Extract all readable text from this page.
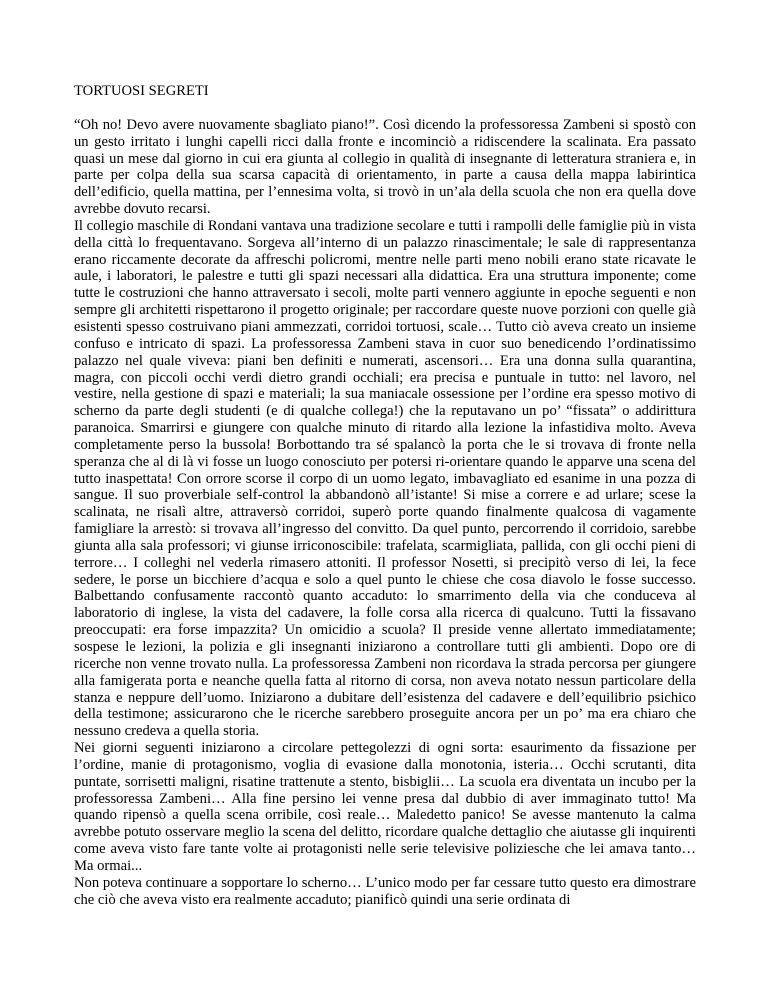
TORTUOSI SEGRETI

“Oh no! Devo avere nuovamente sbagliato piano!”. Così dicendo la professoressa Zambeni si spostò con un gesto irritato i lunghi capelli ricci dalla fronte e incominciò a ridiscendere la scalinata. Era passato quasi un mese dal giorno in cui era giunta al collegio in qualità di insegnante di letteratura straniera e, in parte per colpa della sua scarsa capacità di orientamento, in parte a causa della mappa labirintica dell’edificio, quella mattina, per l’ennesima volta, si trovò in un’ala della scuola che non era quella dove avrebbe dovuto recarsi.

Il collegio maschile di Rondani vantava una tradizione secolare e tutti i rampolli delle famiglie più in vista della città lo frequentavano. Sorgeva all’interno di un palazzo rinascimentale; le sale di rappresentanza erano riccamente decorate da affreschi policromi, mentre nelle parti meno nobili erano state ricavate le aule, i laboratori, le palestre e tutti gli spazi necessari alla didattica. Era una struttura imponente; come tutte le costruzioni che hanno attraversato i secoli, molte parti vennero aggiunte in epoche seguenti e non sempre gli architetti rispettarono il progetto originale; per raccordare queste nuove porzioni con quelle già esistenti spesso costruivano piani ammezzati, corridoi tortuosi, scale… Tutto ciò aveva creato un insieme confuso e intricato di spazi. La professoressa Zambeni stava in cuor suo benedicendo l’ordinatissimo palazzo nel quale viveva: piani ben definiti e numerati, ascensori… Era una donna sulla quarantina, magra, con piccoli occhi verdi dietro grandi occhiali; era precisa e puntuale in tutto: nel lavoro, nel vestire, nella gestione di spazi e materiali; la sua maniacale ossessione per l’ordine era spesso motivo di scherno da parte degli studenti (e di qualche collega!) che la reputavano un po’ “fissata” o addirittura paranoica. Smarrirsi e giungere con qualche minuto di ritardo alla lezione la infastidiva molto. Aveva completamente perso la bussola! Borbottando tra sé spalancò la porta che le si trovava di fronte nella speranza che al di là vi fosse un luogo conosciuto per potersi ri-orientare quando le apparve una scena del tutto inaspettata! Con orrore scorse il corpo di un uomo legato, imbavagliato ed esanime in una pozza di sangue. Il suo proverbiale self-control la abbandonò all’istante! Si mise a correre e ad urlare; scese la scalinata, ne risalì altre, attraversò corridoi, superò porte quando finalmente qualcosa di vagamente famigliare la arrestò: si trovava all’ingresso del convitto. Da quel punto, percorrendo il corridoio, sarebbe giunta alla sala professori; vi giunse irriconoscibile: trafelata, scarmigliata, pallida, con gli occhi pieni di terrore… I colleghi nel vederla rimasero attoniti. Il professor Nosetti, si precipitò verso di lei, la fece sedere, le porse un bicchiere d’acqua e solo a quel punto le chiese che cosa diavolo le fosse successo. Balbettando confusamente raccontò quanto accaduto: lo smarrimento della via che conduceva al laboratorio di inglese, la vista del cadavere, la folle corsa alla ricerca di qualcuno. Tutti la fissavano preoccupati: era forse impazzita? Un omicidio a scuola? Il preside venne allertato immediatamente; sospese le lezioni, la polizia e gli insegnanti iniziarono a controllare tutti gli ambienti. Dopo ore di ricerche non venne trovato nulla. La professoressa Zambeni non ricordava la strada percorsa per giungere alla famigerata porta e neanche quella fatta al ritorno di corsa, non aveva notato nessun particolare della stanza e neppure dell’uomo. Iniziarono a dubitare dell’esistenza del cadavere e dell’equilibrio psichico della testimone; assicurarono che le ricerche sarebbero proseguite ancora per un po’ ma era chiaro che nessuno credeva a quella storia.

Nei giorni seguenti iniziarono a circolare pettegolezzi di ogni sorta: esaurimento da fissazione per l’ordine, manie di protagonismo, voglia di evasione dalla monotonia, isteria… Occhi scrutanti, dita puntate, sorrisetti maligni, risatine trattenute a stento, bisbiglii… La scuola era diventata un incubo per la professoressa Zambeni… Alla fine persino lei venne presa dal dubbio di aver immaginato tutto! Ma quando ripensò a quella scena orribile, così reale… Maledetto panico! Se avesse mantenuto la calma avrebbe potuto osservare meglio la scena del delitto, ricordare qualche dettaglio che aiutasse gli inquirenti come aveva visto fare tante volte ai protagonisti nelle serie televisive poliziesche che lei amava tanto… Ma ormai...

Non poteva continuare a sopportare lo scherno… L’unico modo per far cessare tutto questo era dimostrare che ciò che aveva visto era realmente accaduto; pianificò quindi una serie ordinata di
